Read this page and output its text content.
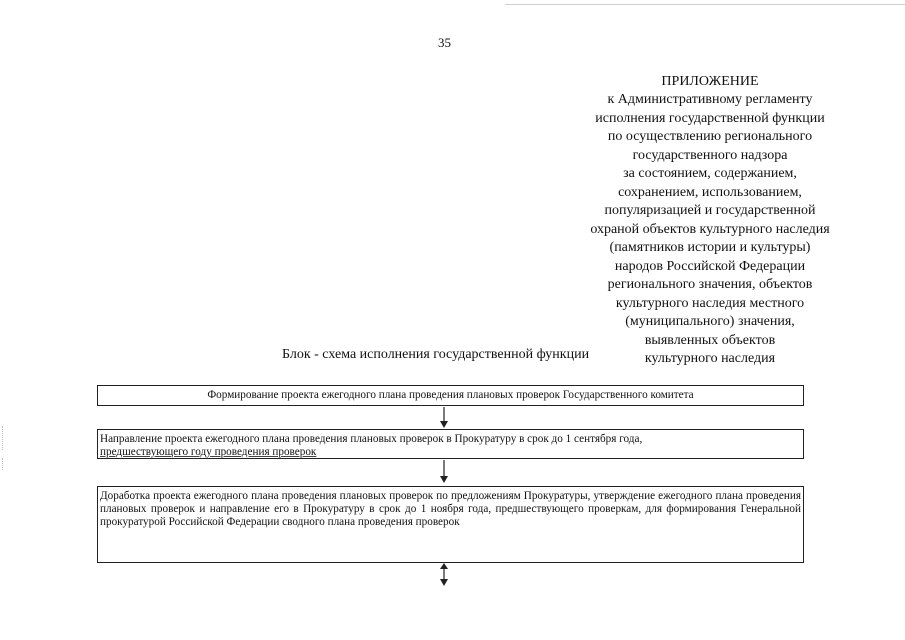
35
ПРИЛОЖЕНИЕ
к Административному регламенту
исполнения государственной функции
по осуществлению регионального
государственного надзора
за состоянием, содержанием,
сохранением, использованием,
популяризацией и государственной
охраной объектов культурного наследия
(памятников истории и культуры)
народов Российской Федерации
регионального значения, объектов
культурного наследия местного
(муниципального) значения,
выявленных объектов
культурного наследия
Блок - схема исполнения государственной функции
Формирование проекта ежегодного плана проведения плановых проверок Государственного комитета
Направление проекта ежегодного плана проведения плановых проверок в Прокуратуру в срок до 1 сентября года,
предшествующего году проведения проверок
Доработка проекта ежегодного плана проведения плановых проверок по предложениям Прокуратуры, утверждение ежегодного плана проведения плановых проверок и направление его в Прокуратуру в срок до 1 ноября года, предшествующего проверкам, для формирования Генеральной прокуратурой Российской Федерации сводного плана проведения проверок
